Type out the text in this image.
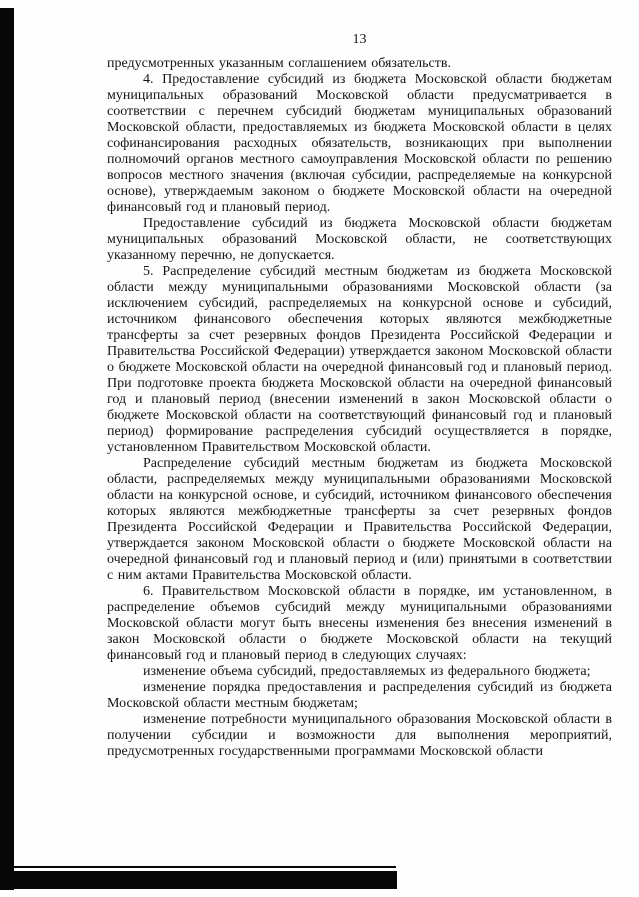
13

предусмотренных указанным соглашением обязательств.

4. Предоставление субсидий из бюджета Московской области бюджетам муниципальных образований Московской области предусматривается в соответствии с перечнем субсидий бюджетам муниципальных образований Московской области, предоставляемых из бюджета Московской области в целях софинансирования расходных обязательств, возникающих при выполнении полномочий органов местного самоуправления Московской области по решению вопросов местного значения (включая субсидии, распределяемые на конкурсной основе), утверждаемым законом о бюджете Московской области на очередной финансовый год и плановый период.

Предоставление субсидий из бюджета Московской области бюджетам муниципальных образований Московской области, не соответствующих указанному перечню, не допускается.

5. Распределение субсидий местным бюджетам из бюджета Московской области между муниципальными образованиями Московской области (за исключением субсидий, распределяемых на конкурсной основе и субсидий, источником финансового обеспечения которых являются межбюджетные трансферты за счет резервных фондов Президента Российской Федерации и Правительства Российской Федерации) утверждается законом Московской области о бюджете Московской области на очередной финансовый год и плановый период. При подготовке проекта бюджета Московской области на очередной финансовый год и плановый период (внесении изменений в закон Московской области о бюджете Московской области на соответствующий финансовый год и плановый период) формирование распределения субсидий осуществляется в порядке, установленном Правительством Московской области.

Распределение субсидий местным бюджетам из бюджета Московской области, распределяемых между муниципальными образованиями Московской области на конкурсной основе, и субсидий, источником финансового обеспечения которых являются межбюджетные трансферты за счет резервных фондов Президента Российской Федерации и Правительства Российской Федерации, утверждается законом Московской области о бюджете Московской области на очередной финансовый год и плановый период и (или) принятыми в соответствии с ним актами Правительства Московской области.

6. Правительством Московской области в порядке, им установленном, в распределение объемов субсидий между муниципальными образованиями Московской области могут быть внесены изменения без внесения изменений в закон Московской области о бюджете Московской области на текущий финансовый год и плановый период в следующих случаях:

изменение объема субсидий, предоставляемых из федерального бюджета;

изменение порядка предоставления и распределения субсидий из бюджета Московской области местным бюджетам;

изменение потребности муниципального образования Московской области в получении субсидии и возможности для выполнения мероприятий, предусмотренных государственными программами Московской области
